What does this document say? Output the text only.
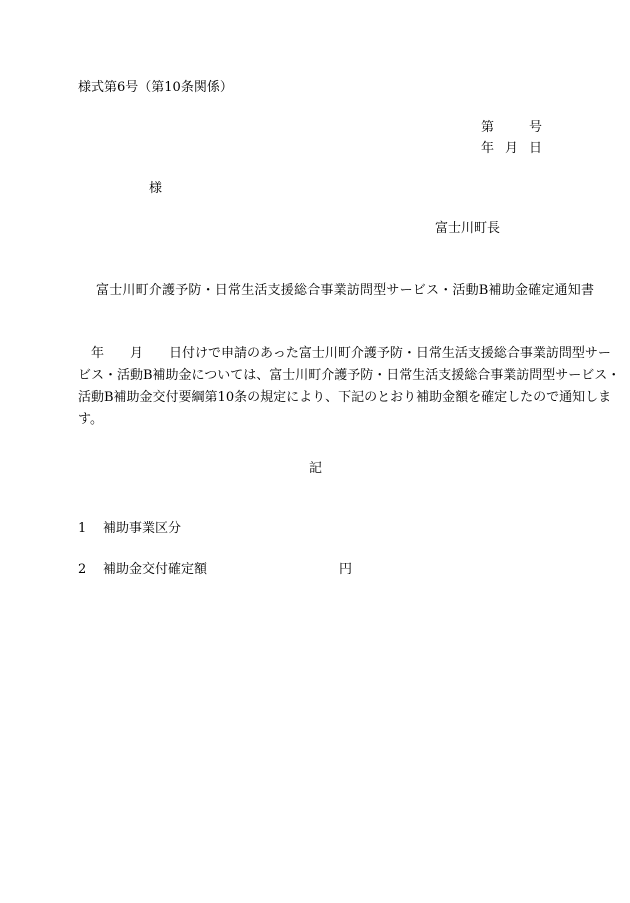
様式第6号（第10条関係）
第	号
年 月 日
様
富士川町長
富士川町介護予防・日常生活支援総合事業訪問型サービス・活動B補助金確定通知書
　年　　月　　日付けで申請のあった富士川町介護予防・日常生活支援総合事業訪問型サー
ビス・活動B補助金については、富士川町介護予防・日常生活支援総合事業訪問型サービス・
活動B補助金交付要綱第10条の規定により、下記のとおり補助金額を確定したので通知しま
す。
記
1 補助事業区分
2 補助金交付確定額	円
